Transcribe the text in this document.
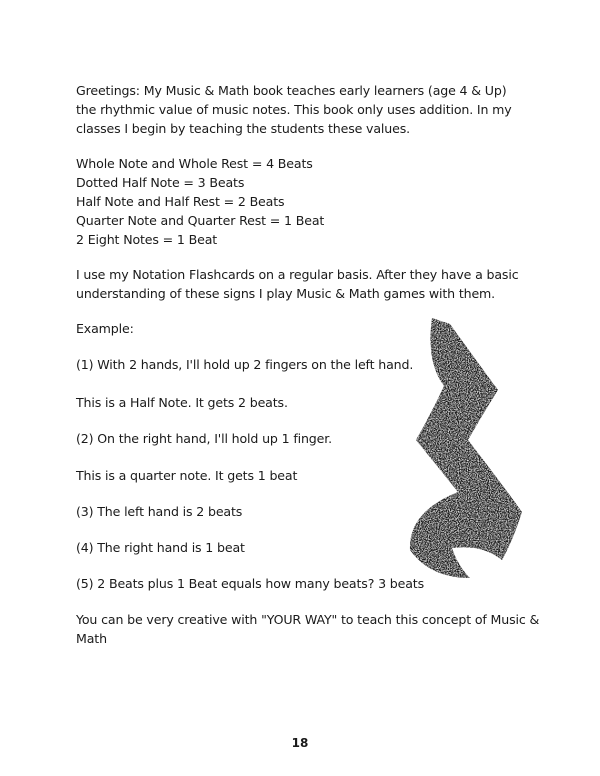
Greetings: My Music & Math book teaches early learners (age 4 & Up)
the rhythmic value of music notes. This book only uses addition. In my
classes I begin by teaching the students these values.
Whole Note and Whole Rest = 4 Beats
Dotted Half Note = 3 Beats
Half Note and Half Rest = 2 Beats
Quarter Note and Quarter Rest = 1 Beat
2 Eight Notes = 1 Beat
I use my Notation Flashcards on a regular basis. After they have a basic
understanding of these signs I play Music & Math games with them.
Example:
(1) With 2 hands, I'll hold up 2 fingers on the left hand.
This is a Half Note. It gets 2 beats.
(2) On the right hand, I'll hold up 1 finger.
This is a quarter note. It gets 1 beat
(3) The left hand is 2 beats
(4) The right hand is 1 beat
(5) 2 Beats plus 1 Beat equals how many beats? 3 beats
You can be very creative with "YOUR WAY" to teach this concept of Music &
Math
18
